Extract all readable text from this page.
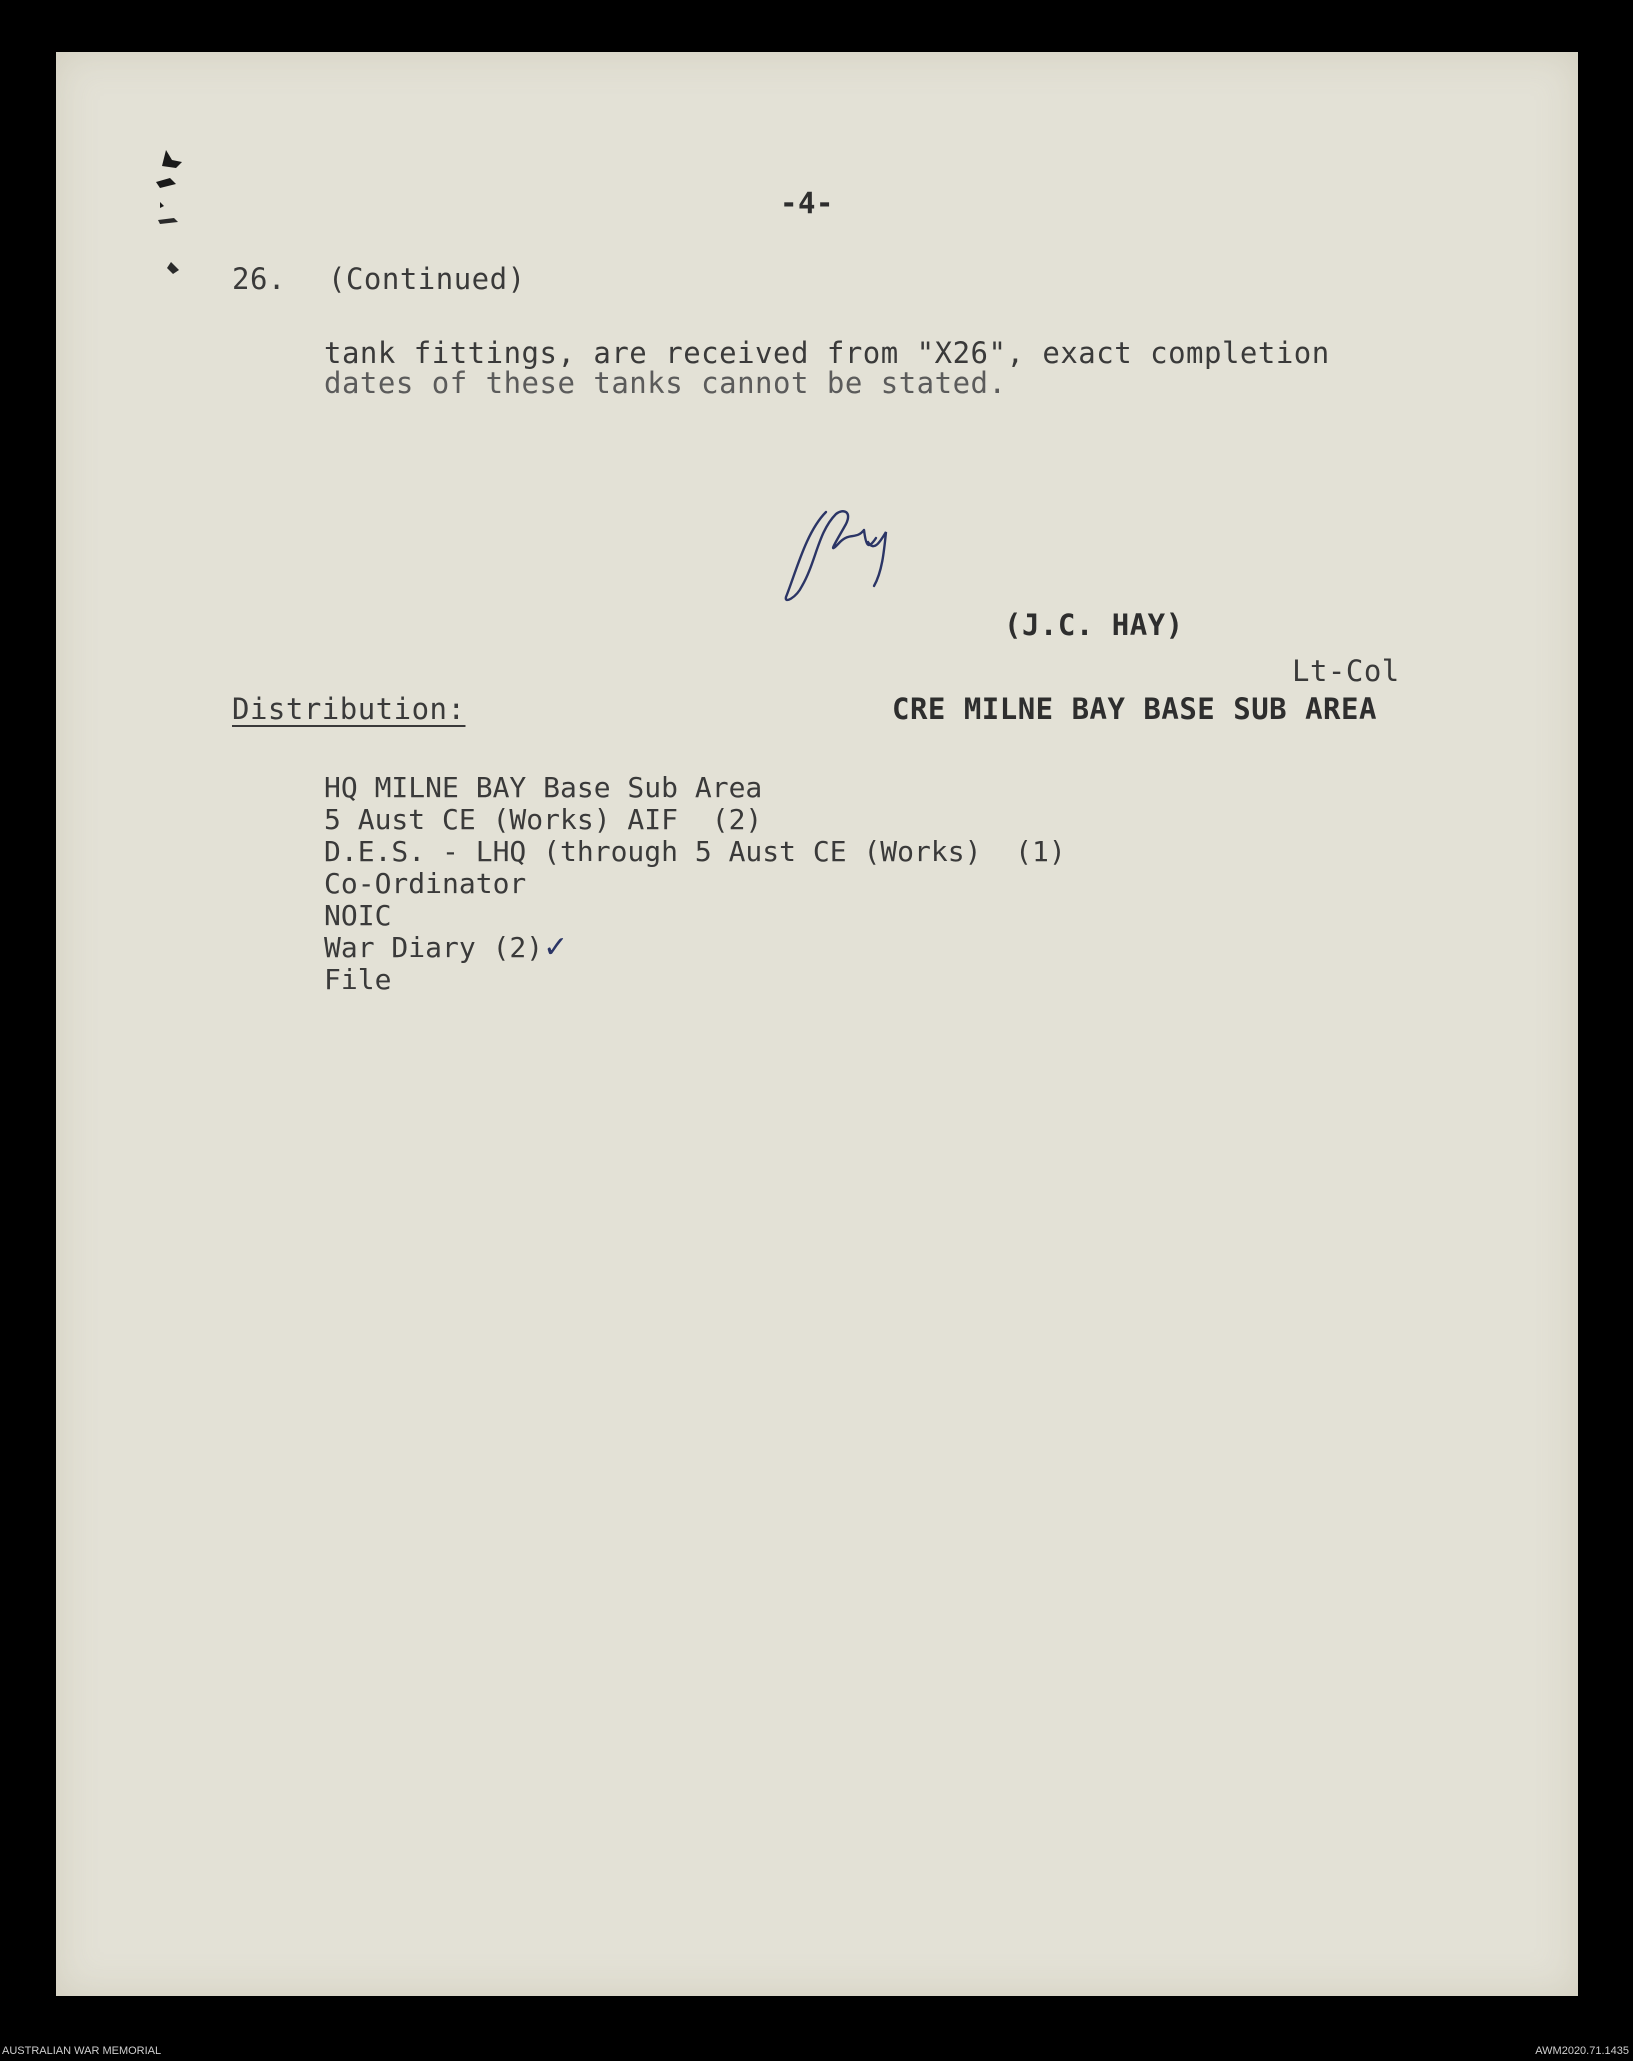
-4-
26. (Continued)
tank fittings, are received from "X26", exact completion
dates of these tanks cannot be stated.
(J.C. HAY)
Lt-Col
Distribution:	CRE MILNE BAY BASE SUB AREA
HQ MILNE BAY Base Sub Area
5 Aust CE (Works) AIF  (2)
D.E.S. - LHQ (through 5 Aust CE (Works)  (1)
Co-Ordinator
NOIC
War Diary (2)✓
File
AUSTRALIAN WAR MEMORIAL	AWM2020.71.1435
